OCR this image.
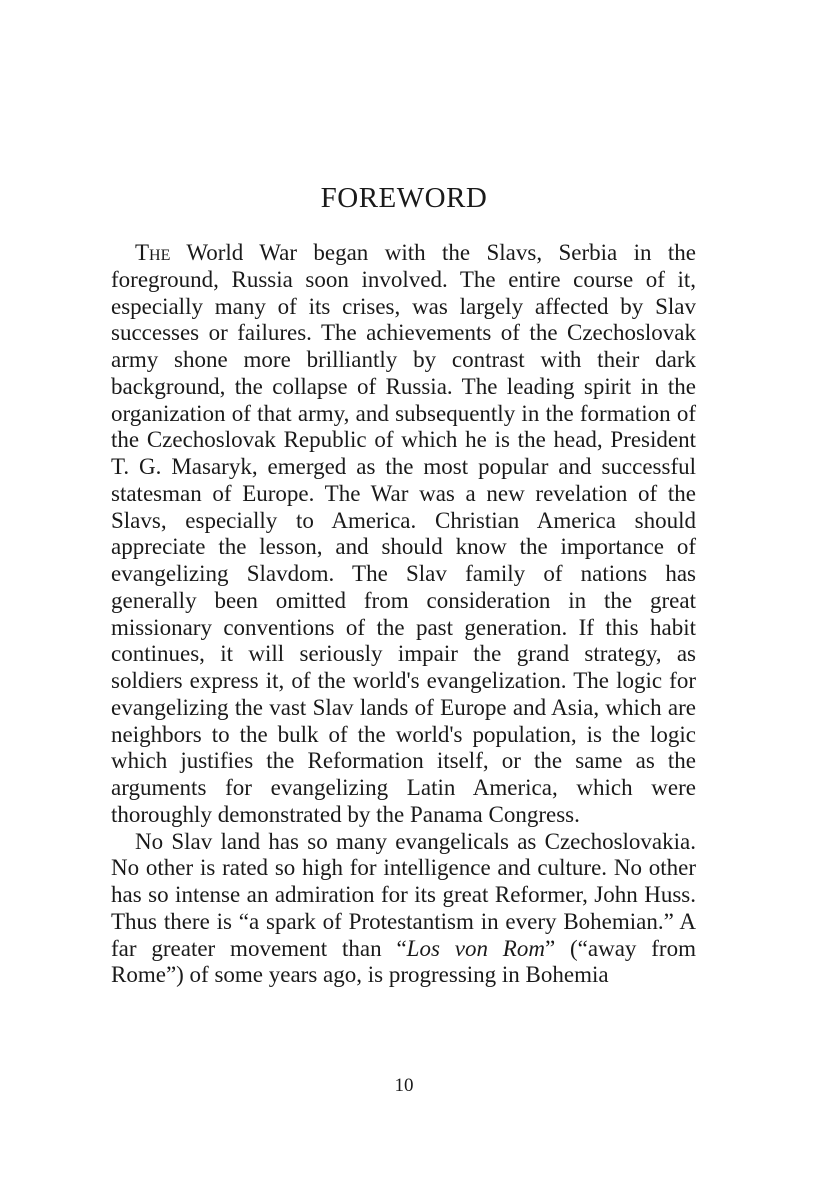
FOREWORD

The World War began with the Slavs, Serbia in the foreground, Russia soon involved. The entire course of it, especially many of its crises, was largely affected by Slav successes or failures. The achievements of the Czechoslovak army shone more brilliantly by contrast with their dark background, the collapse of Russia. The leading spirit in the organization of that army, and subsequently in the formation of the Czechoslovak Republic of which he is the head, President T. G. Masaryk, emerged as the most popular and successful statesman of Europe. The War was a new revelation of the Slavs, especially to America. Christian America should appreciate the lesson, and should know the importance of evangelizing Slavdom. The Slav family of nations has generally been omitted from consideration in the great missionary conventions of the past generation. If this habit continues, it will seriously impair the grand strategy, as soldiers express it, of the world's evangelization. The logic for evangelizing the vast Slav lands of Europe and Asia, which are neighbors to the bulk of the world's population, is the logic which justifies the Reformation itself, or the same as the arguments for evangelizing Latin America, which were thoroughly demonstrated by the Panama Congress.

No Slav land has so many evangelicals as Czechoslovakia. No other is rated so high for intelligence and culture. No other has so intense an admiration for its great Reformer, John Huss. Thus there is “a spark of Protestantism in every Bohemian.” A far greater movement than “Los von Rom” (“away from Rome”) of some years ago, is progressing in Bohemia

10
